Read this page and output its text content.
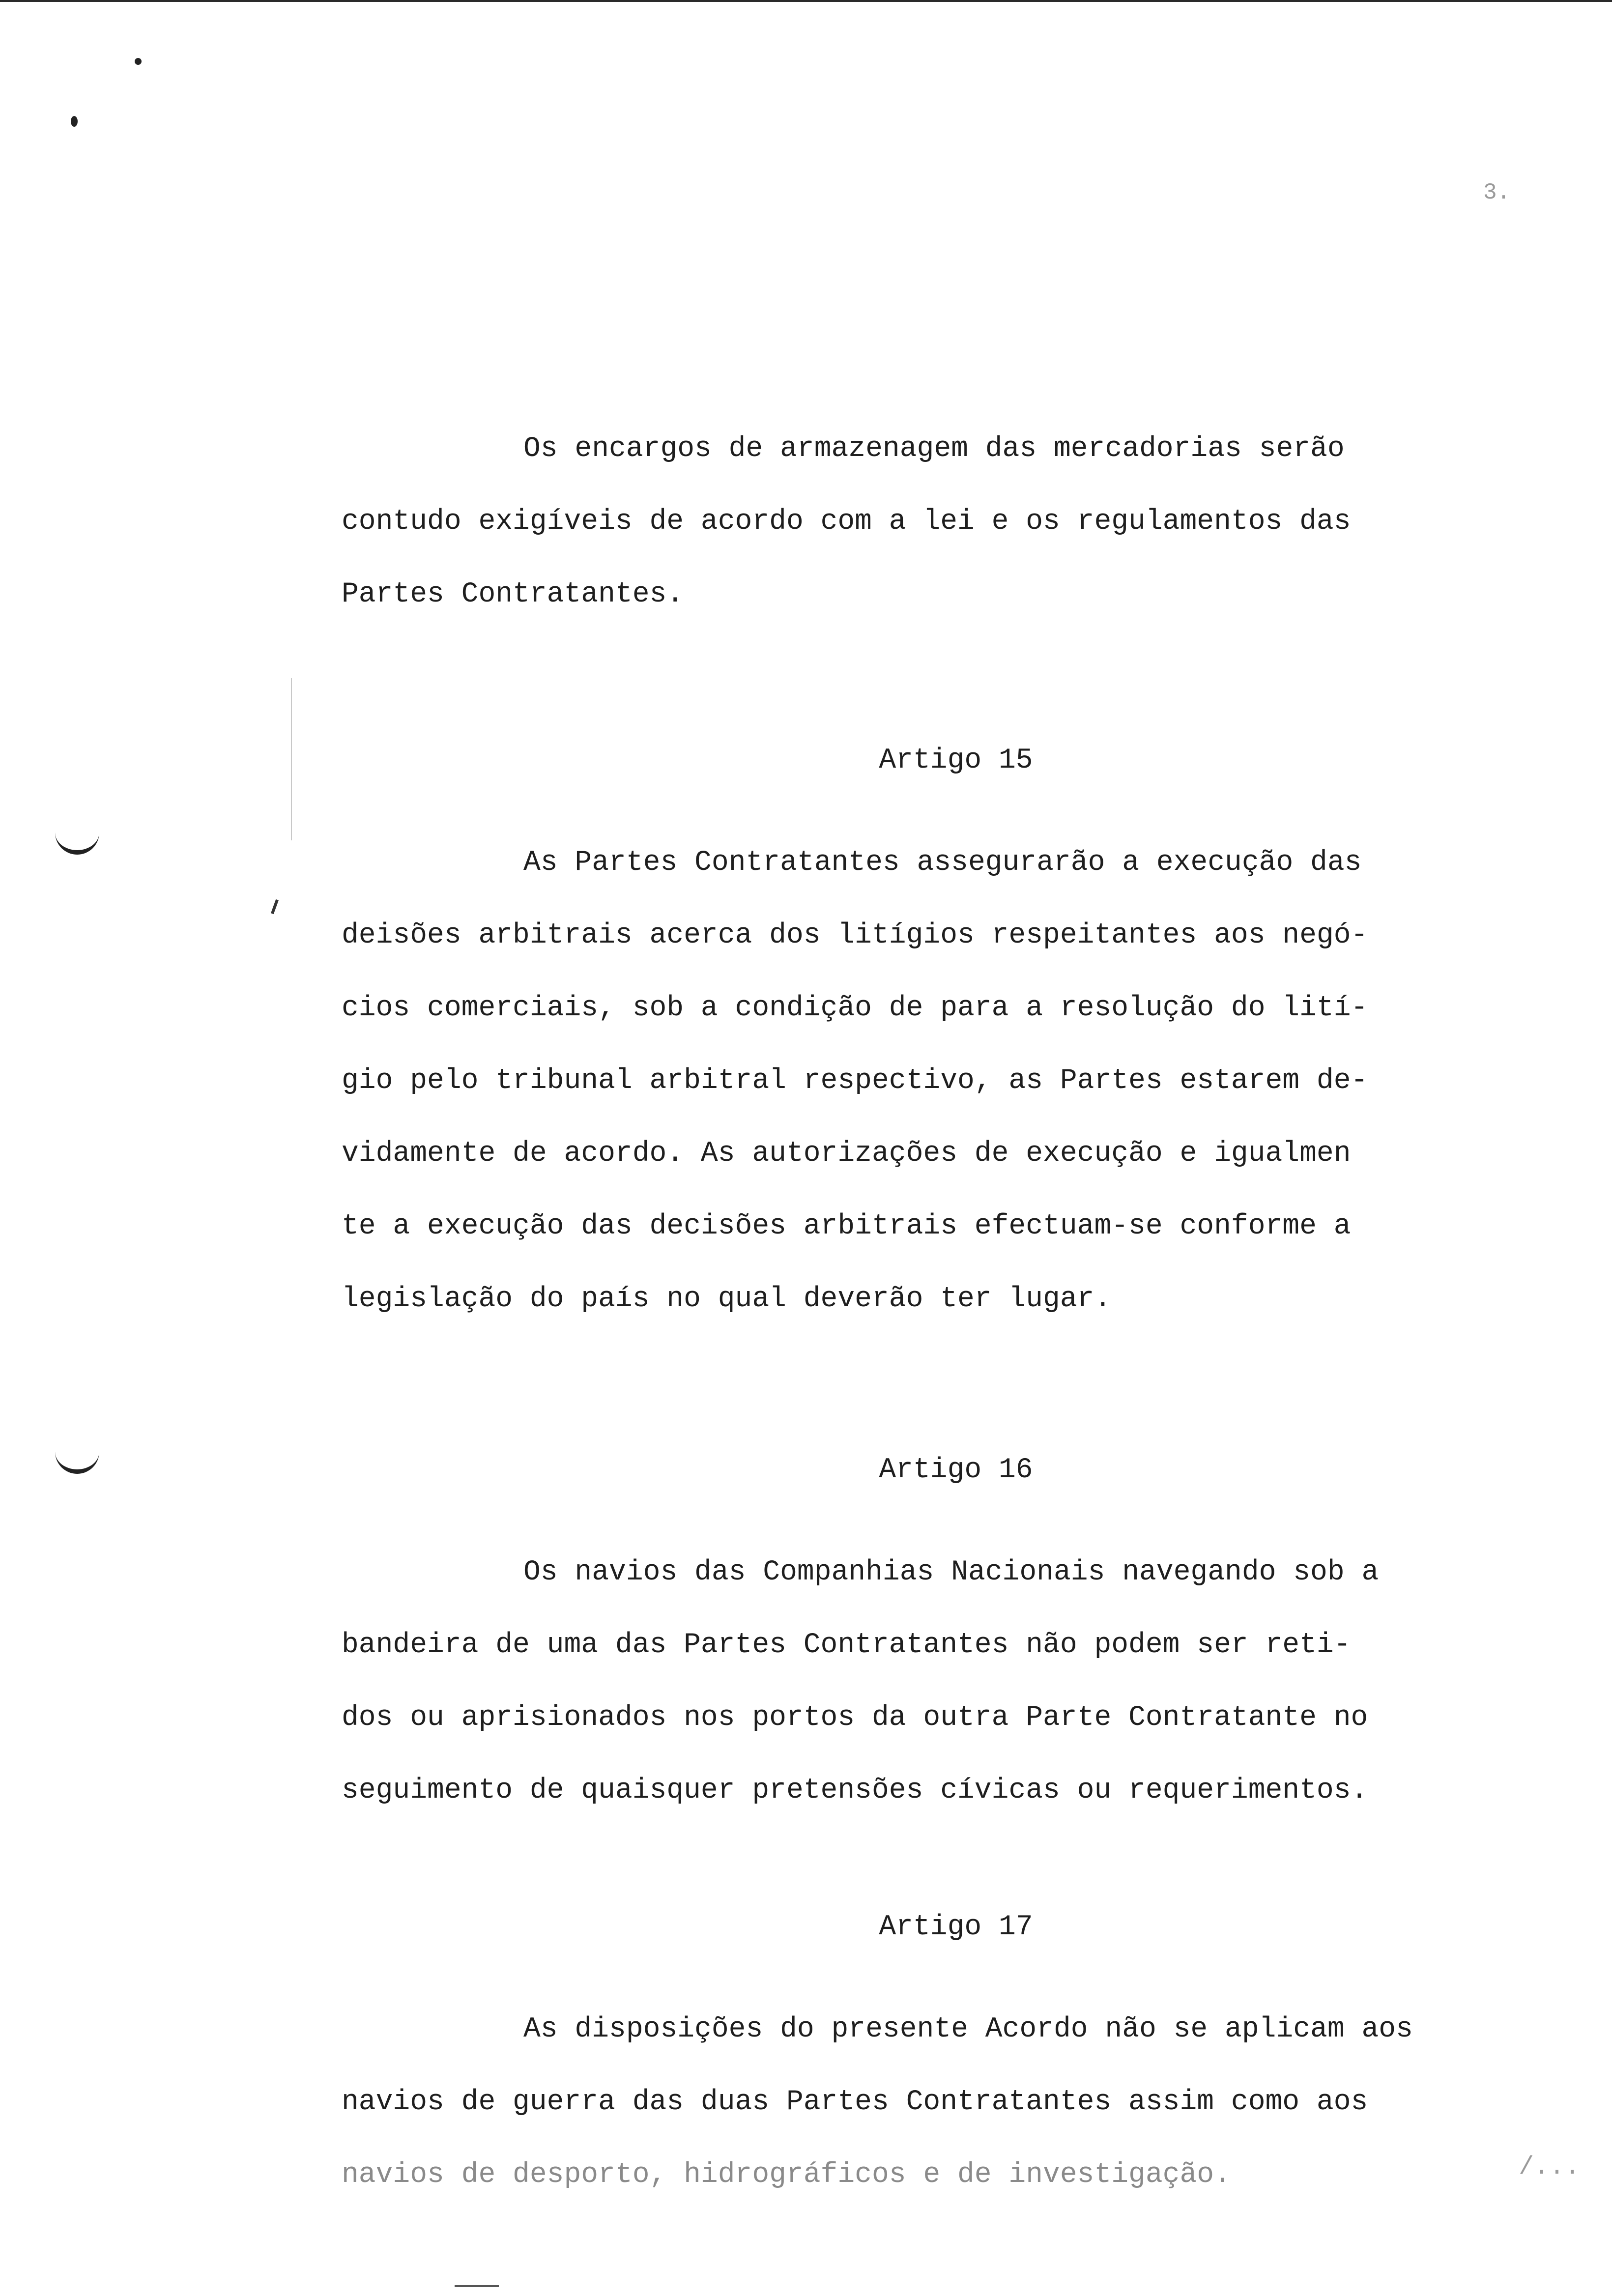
3.

Os encargos de armazenagem das mercadorias serão
contudo exigíveis de acordo com a lei e os regulamentos das
Partes Contratantes.

Artigo 15

As Partes Contratantes assegurarão a execução das
deisões arbitrais acerca dos litígios respeitantes aos negó-
cios comerciais, sob a condição de para a resolução do lití-
gio pelo tribunal arbitral respectivo, as Partes estarem de-
vidamente de acordo. As autorizações de execução e igualmen
te a execução das decisões arbitrais efectuam-se conforme a
legislação do país no qual deverão ter lugar.

Artigo 16

Os navios das Companhias Nacionais navegando sob a
bandeira de uma das Partes Contratantes não podem ser reti-
dos ou aprisionados nos portos da outra Parte Contratante no
seguimento de quaisquer pretensões cívicas ou requerimentos.

Artigo 17

As disposições do presente Acordo não se aplicam aos
navios de guerra das duas Partes Contratantes assim como aos
navios de desporto, hidrográficos e de investigação.	/...
